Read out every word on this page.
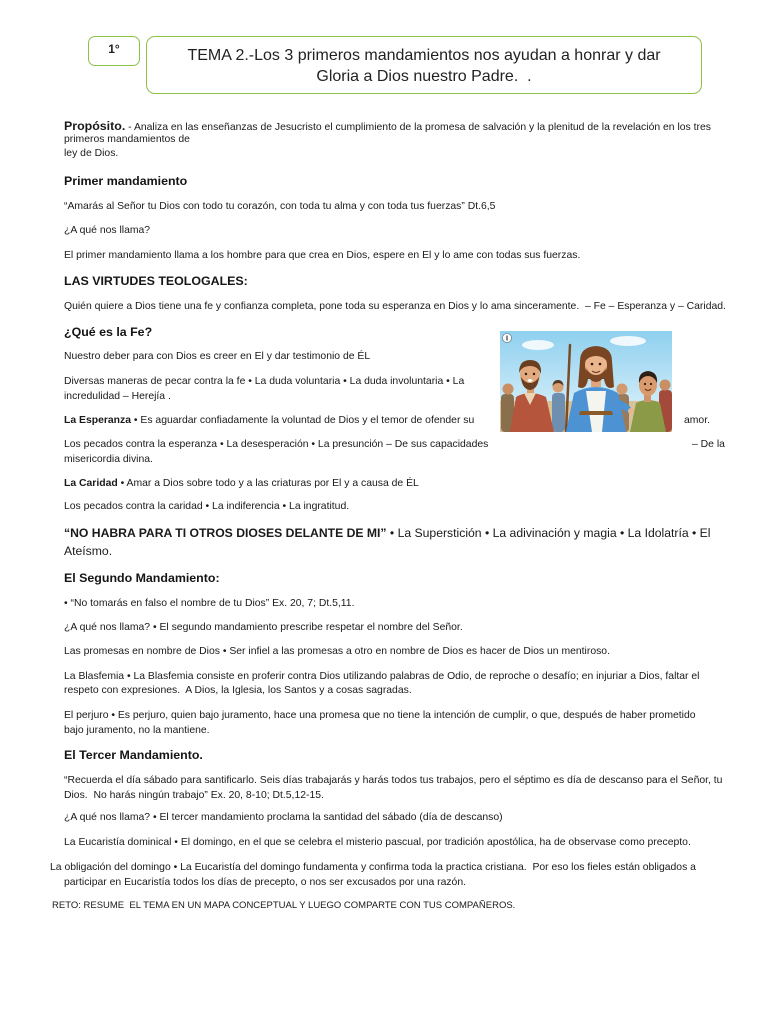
1°	TEMA 2.-Los 3 primeros mandamientos nos ayudan a honrar y dar
Gloria a Dios nuestro Padre.  .
Propósito. - Analiza en las enseñanzas de Jesucristo el cumplimiento de la promesa de salvación y la plenitud de la revelación en los tres
primeros mandamientos de
ley de Dios.
Primer mandamiento
“Amarás al Señor tu Dios con todo tu corazón, con toda tu alma y con toda tus fuerzas” Dt.6,5
¿A qué nos llama?
El primer mandamiento llama a los hombre para que crea en Dios, espere en El y lo ame con todas sus fuerzas.
LAS VIRTUDES TEOLOGALES:
Quién quiere a Dios tiene una fe y confianza completa, pone toda su esperanza en Dios y lo ama sinceramente.  – Fe – Esperanza y – Caridad.
¿Qué es la Fe?
Nuestro deber para con Dios es creer en El y dar testimonio de ÉL
Diversas maneras de pecar contra la fe • La duda voluntaria • La duda involuntaria • La
incredulidad – Herejía .
La Esperanza • Es aguardar confiadamente la voluntad de Dios y el temor de ofender su	amor.
Los pecados contra la esperanza • La desesperación • La presunción – De sus capacidades	– De la
misericordia divina.
La Caridad • Amar a Dios sobre todo y a las criaturas por El y a causa de ÉL
Los pecados contra la caridad • La indiferencia • La ingratitud.
“NO HABRA PARA TI OTROS DIOSES DELANTE DE MI” • La Superstición • La adivinación y magia • La Idolatría • El
Ateísmo.
El Segundo Mandamiento:
• “No tomarás en falso el nombre de tu Dios” Ex. 20, 7; Dt.5,11.
¿A qué nos llama? • El segundo mandamiento prescribe respetar el nombre del Señor.
Las promesas en nombre de Dios • Ser infiel a las promesas a otro en nombre de Dios es hacer de Dios un mentiroso.
La Blasfemia • La Blasfemia consiste en proferir contra Dios utilizando palabras de Odio, de reproche o desafío; en injuriar a Dios, faltar el
respeto con expresiones.  A Dios, la Iglesia, los Santos y a cosas sagradas.
El perjuro • Es perjuro, quien bajo juramento, hace una promesa que no tiene la intención de cumplir, o que, después de haber prometido
bajo juramento, no la mantiene.
El Tercer Mandamiento.
“Recuerda el día sábado para santificarlo. Seis días trabajarás y harás todos tus trabajos, pero el séptimo es día de descanso para el Señor, tu
Dios.  No harás ningún trabajo” Ex. 20, 8-10; Dt.5,12-15.
¿A qué nos llama? • El tercer mandamiento proclama la santidad del sábado (día de descanso)
La Eucaristía dominical • El domingo, en el que se celebra el misterio pascual, por tradición apostólica, ha de observase como precepto.
La obligación del domingo • La Eucaristía del domingo fundamenta y confirma toda la practica cristiana.  Por eso los fieles están obligados a
participar en Eucaristía todos los días de precepto, o nos ser excusados por una razón.
RETO: RESUME  EL TEMA EN UN MAPA CONCEPTUAL Y LUEGO COMPARTE CON TUS COMPAÑEROS.
